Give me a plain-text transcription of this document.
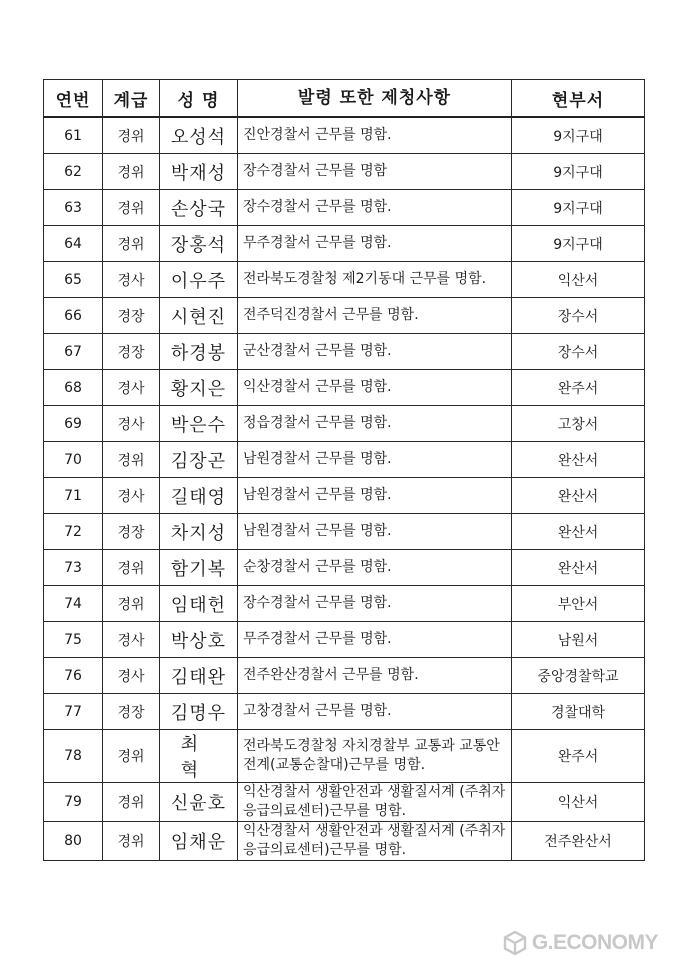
연번	계급	성 명	발령 또한 제청사항	현부서
61	경위	오성석	진안경찰서 근무를 명함.	9지구대
62	경위	박재성	장수경찰서 근무를 명함	9지구대
63	경위	손상국	장수경찰서 근무를 명함.	9지구대
64	경위	장홍석	무주경찰서 근무를 명함.	9지구대
65	경사	이우주	전라북도경찰청 제2기동대 근무를 명함.	익산서
66	경장	시현진	전주덕진경찰서 근무를 명함.	장수서
67	경장	하경봉	군산경찰서 근무를 명함.	장수서
68	경사	황지은	익산경찰서 근무를 명함.	완주서
69	경사	박은수	정읍경찰서 근무를 명함.	고창서
70	경위	김장곤	남원경찰서 근무를 명함.	완산서
71	경사	길태영	남원경찰서 근무를 명함.	완산서
72	경장	차지성	남원경찰서 근무를 명함.	완산서
73	경위	함기복	순창경찰서 근무를 명함.	완산서
74	경위	임태헌	장수경찰서 근무를 명함.	부안서
75	경사	박상호	무주경찰서 근무를 명함.	남원서
76	경사	김태완	전주완산경찰서 근무를 명함.	중앙경찰학교
77	경장	김명우	고창경찰서 근무를 명함.	경찰대학
78	경위	최 혁	전라북도경찰청 자치경찰부 교통과 교통안전계(교통순찰대)근무를 명함.	완주서
79	경위	신윤호	익산경찰서 생활안전과 생활질서계 (주취자 응급의료센터)근무를 명함.	익산서
80	경위	임채운	익산경찰서 생활안전과 생활질서계 (주취자 응급의료센터)근무를 명함.	전주완산서
G.ECONOMY
